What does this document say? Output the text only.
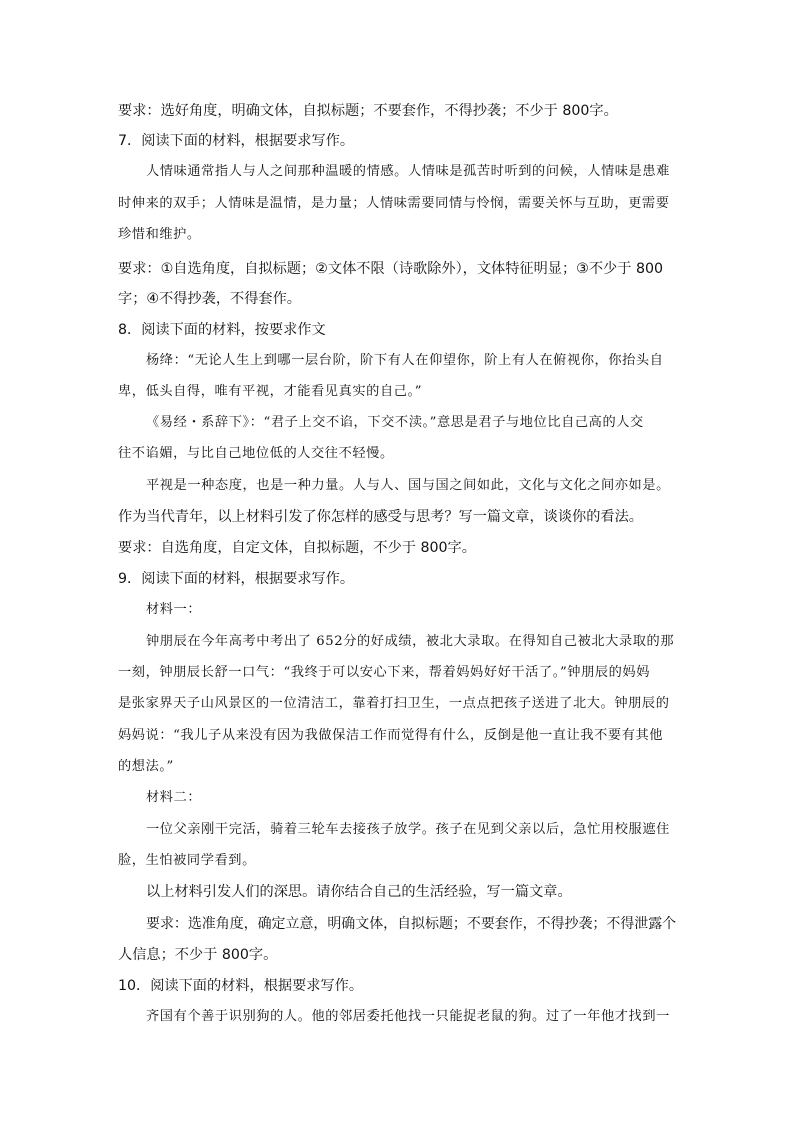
要求：选好角度，明确文体，自拟标题；不要套作，不得抄袭；不少于 800字。
7．阅读下面的材料，根据要求写作。
人情味通常指人与人之间那种温暖的情感。人情味是孤苦时听到的问候，人情味是患难
时伸来的双手；人情味是温情，是力量；人情味需要同情与怜悯，需要关怀与互助，更需要
珍惜和维护。
要求：①自选角度，自拟标题；②文体不限（诗歌除外），文体特征明显；③不少于 800
字；④不得抄袭，不得套作。
8．阅读下面的材料，按要求作文
杨绛：“无论人生上到哪一层台阶，阶下有人在仰望你，阶上有人在俯视你，你抬头自
卑，低头自得，唯有平视，才能看见真实的自己。”
《易经・系辞下》：“君子上交不谄，下交不渎。”意思是君子与地位比自己高的人交
往不谄媚，与比自己地位低的人交往不轻慢。
平视是一种态度，也是一种力量。人与人、国与国之间如此，文化与文化之间亦如是。
作为当代青年，以上材料引发了你怎样的感受与思考？写一篇文章，谈谈你的看法。
要求：自选角度，自定文体，自拟标题，不少于 800字。
9．阅读下面的材料，根据要求写作。
材料一：
钟朋辰在今年高考中考出了 652分的好成绩，被北大录取。在得知自己被北大录取的那
一刻，钟朋辰长舒一口气：“我终于可以安心下来，帮着妈妈好好干活了。”钟朋辰的妈妈
是张家界天子山风景区的一位清洁工，靠着打扫卫生，一点点把孩子送进了北大。钟朋辰的
妈妈说：“我儿子从来没有因为我做保洁工作而觉得有什么，反倒是他一直让我不要有其他
的想法。”
材料二：
一位父亲刚干完活，骑着三轮车去接孩子放学。孩子在见到父亲以后，急忙用校服遮住
脸，生怕被同学看到。
以上材料引发人们的深思。请你结合自己的生活经验，写一篇文章。
要求：选准角度，确定立意，明确文体，自拟标题；不要套作，不得抄袭；不得泄露个
人信息；不少于 800字。
10．阅读下面的材料，根据要求写作。
齐国有个善于识别狗的人。他的邻居委托他找一只能捉老鼠的狗。过了一年他才找到一
